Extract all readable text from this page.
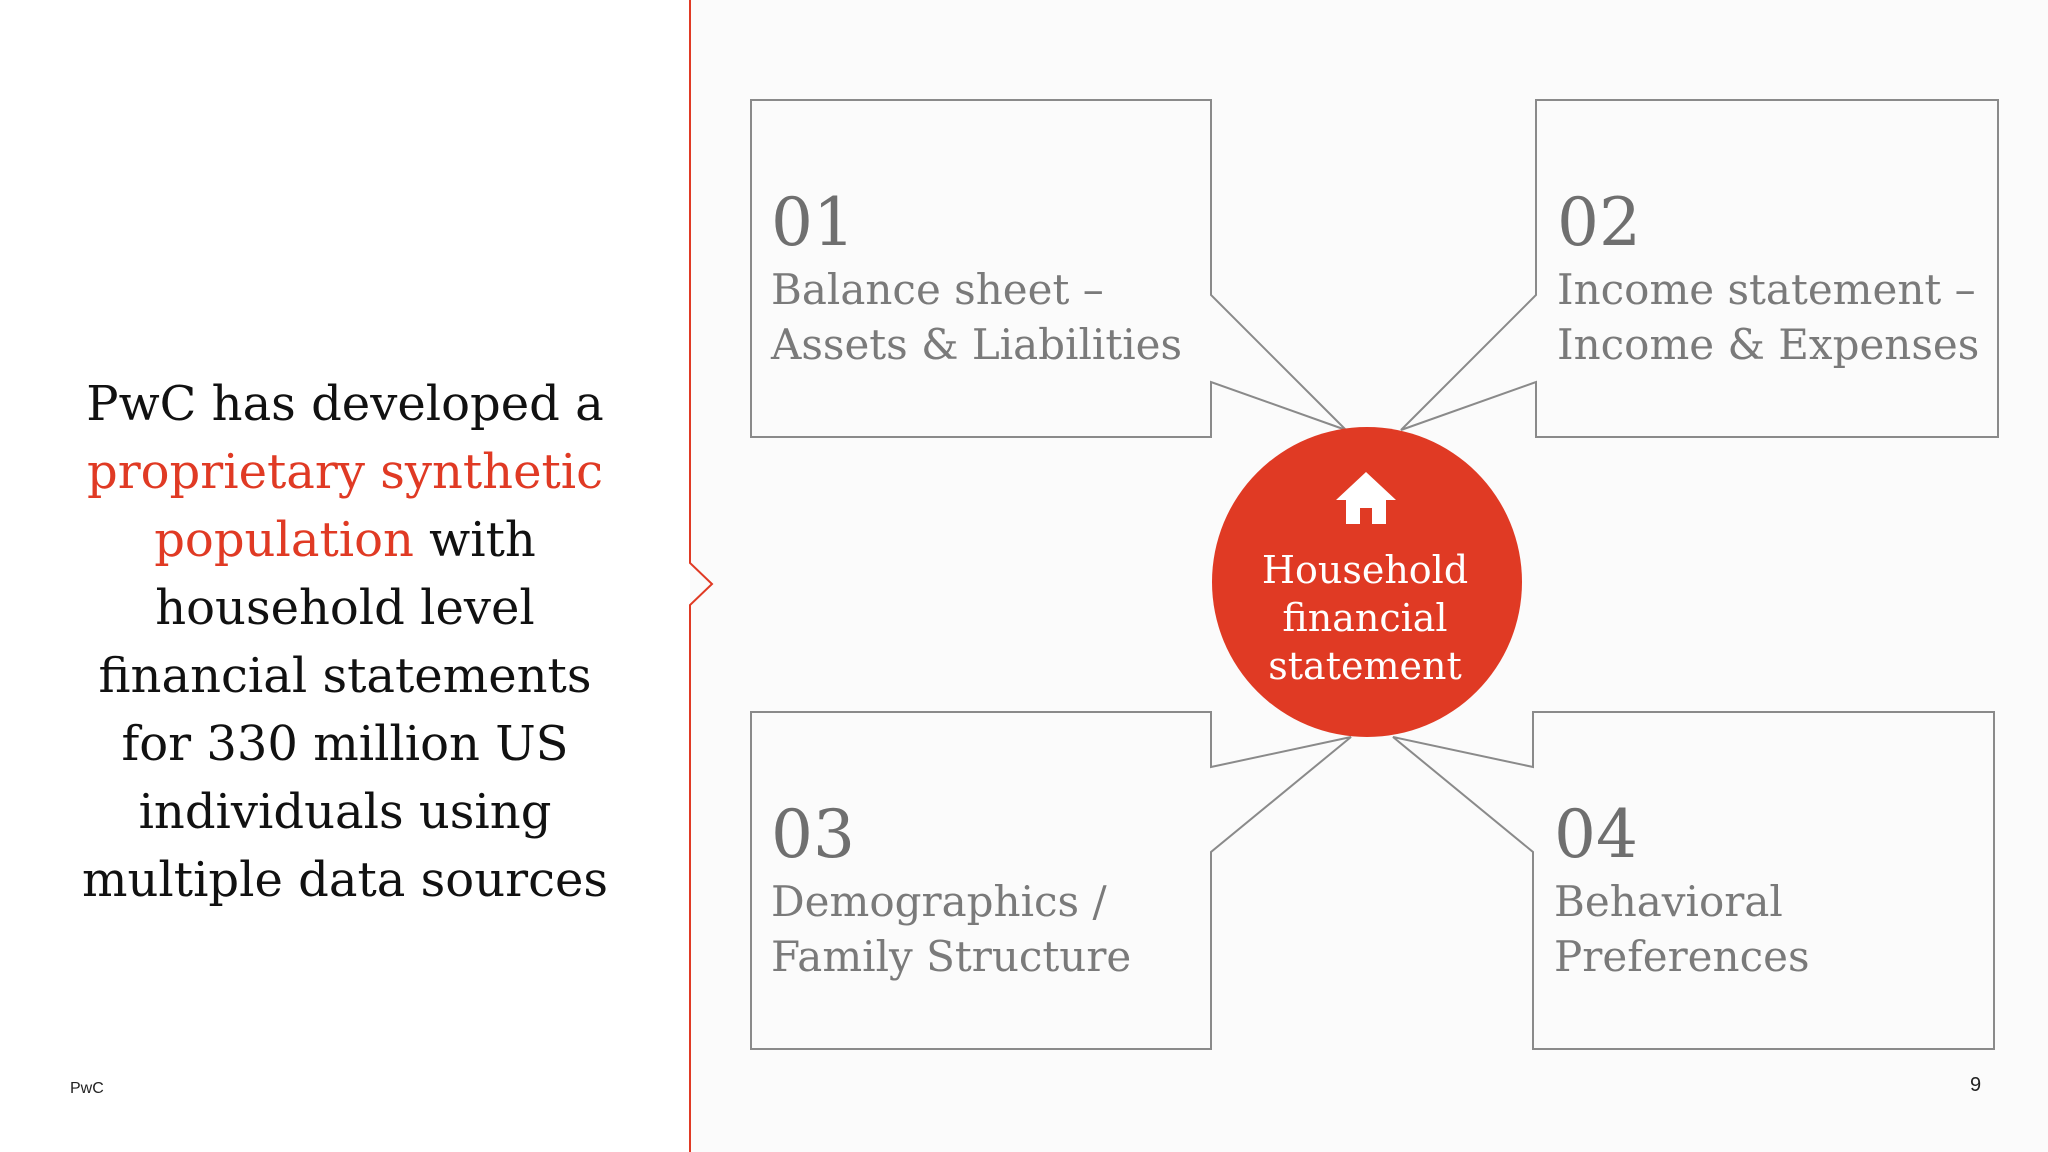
PwC has developed a proprietary synthetic population with household level financial statements for 330 million US individuals using multiple data sources

PwC
01
Balance sheet –
Assets & Liabilities
02
Income statement –
Income & Expenses
03
Demographics /
Family Structure
04
Behavioral
Preferences
Household financial statement
9
